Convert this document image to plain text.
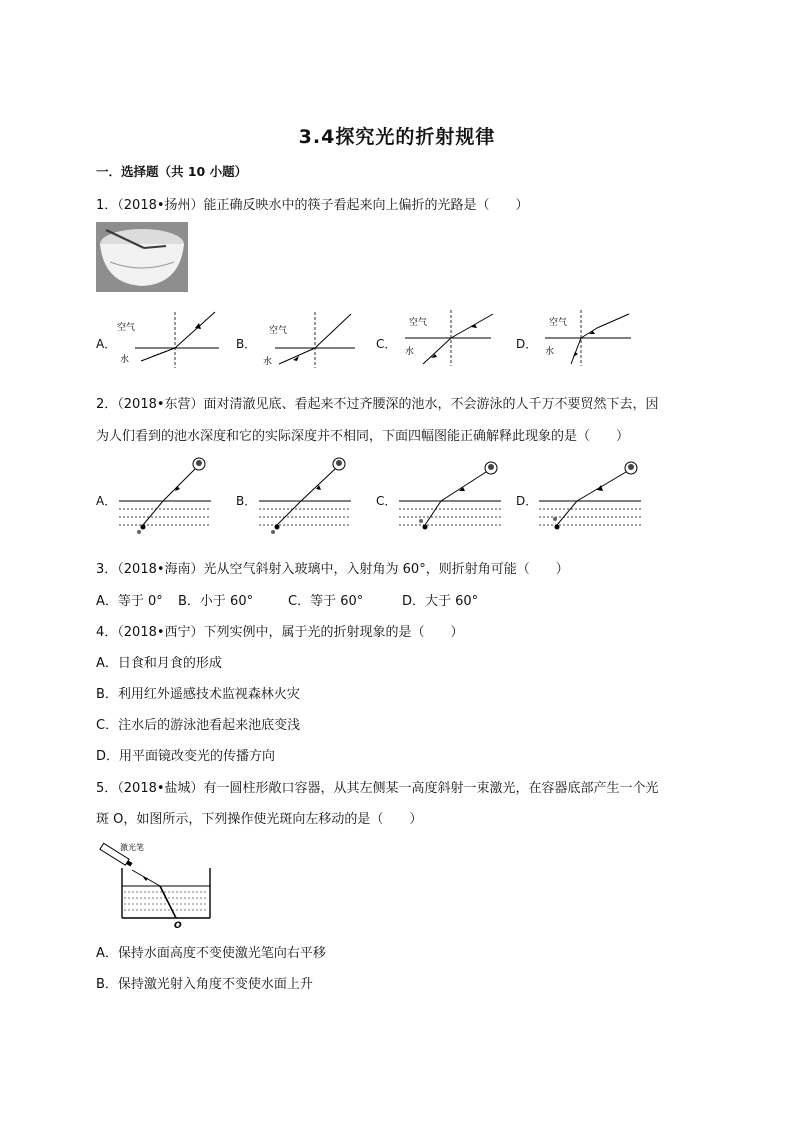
3.4探究光的折射规律
一．选择题（共 10 小题）
1．（2018•扬州）能正确反映水中的筷子看起来向上偏折的光路是（　　）
A．
空气
水
B．
空气
水
C．
空气
水
D．
空气
水
2．（2018•东营）面对清澈见底、看起来不过齐腰深的池水，不会游泳的人千万不要贸然下去，因
为人们看到的池水深度和它的实际深度并不相同，下面四幅图能正确解释此现象的是（　　）
A．	B．	C．	D．
3．（2018•海南）光从空气斜射入玻璃中，入射角为 60°，则折射角可能（　　）
A．等于 0° B．小于 60°	C．等于 60°	D．大于 60°
4．（2018•西宁）下列实例中，属于光的折射现象的是（　　）
A．日食和月食的形成
B．利用红外遥感技术监视森林火灾
C．注水后的游泳池看起来池底变浅
D．用平面镜改变光的传播方向
5．（2018•盐城）有一圆柱形敞口容器，从其左侧某一高度斜射一束激光，在容器底部产生一个光
斑 O，如图所示，下列操作使光斑向左移动的是（　　）
激光笔
O
A．保持水面高度不变使激光笔向右平移
B．保持激光射入角度不变使水面上升
